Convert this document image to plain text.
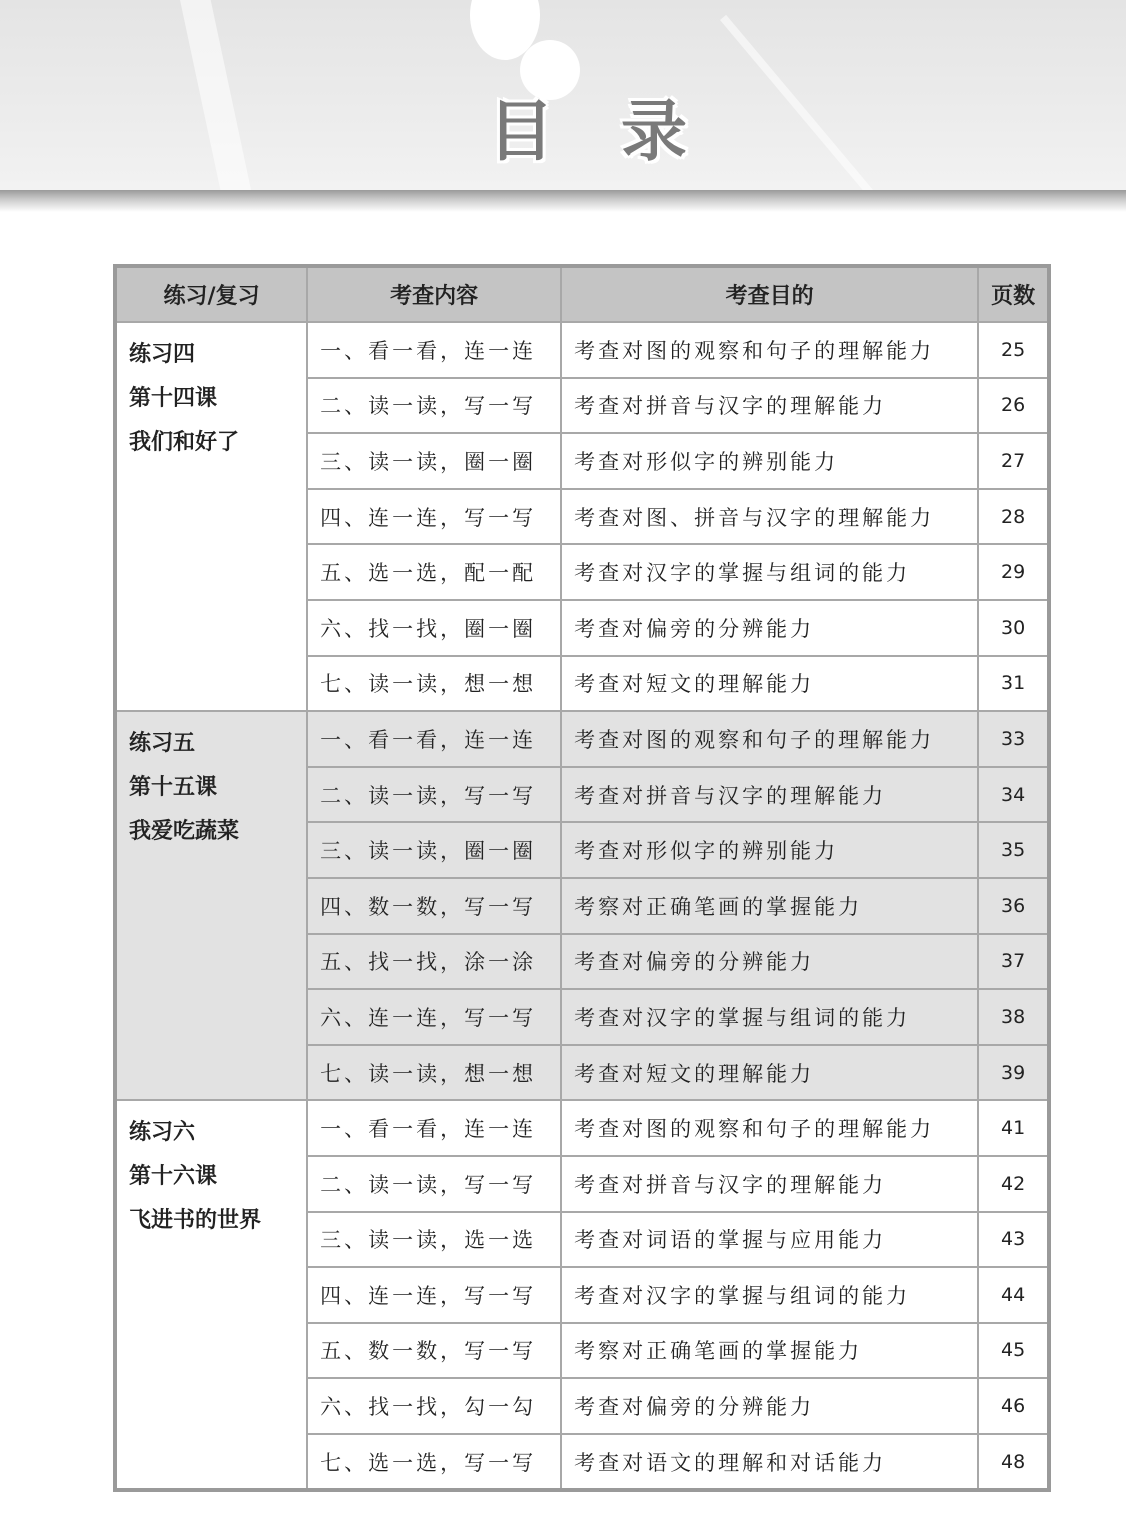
目 录
练习/复习	考查内容	考查目的	页数

练习四
第十四课
我们和好了	一、看一看，连一连	考查对图的观察和句子的理解能力	25
	二、读一读，写一写	考查对拼音与汉字的理解能力	26
	三、读一读，圈一圈	考查对形似字的辨别能力	27
	四、连一连，写一写	考查对图、拼音与汉字的理解能力	28
	五、选一选，配一配	考查对汉字的掌握与组词的能力	29
	六、找一找，圈一圈	考查对偏旁的分辨能力	30
	七、读一读，想一想	考查对短文的理解能力	31

练习五
第十五课
我爱吃蔬菜	一、看一看，连一连	考查对图的观察和句子的理解能力	33
	二、读一读，写一写	考查对拼音与汉字的理解能力	34
	三、读一读，圈一圈	考查对形似字的辨别能力	35
	四、数一数，写一写	考察对正确笔画的掌握能力	36
	五、找一找，涂一涂	考查对偏旁的分辨能力	37
	六、连一连，写一写	考查对汉字的掌握与组词的能力	38
	七、读一读，想一想	考查对短文的理解能力	39

练习六
第十六课
飞进书的世界	一、看一看，连一连	考查对图的观察和句子的理解能力	41
	二、读一读，写一写	考查对拼音与汉字的理解能力	42
	三、读一读，选一选	考查对词语的掌握与应用能力	43
	四、连一连，写一写	考查对汉字的掌握与组词的能力	44
	五、数一数，写一写	考察对正确笔画的掌握能力	45
	六、找一找，勾一勾	考查对偏旁的分辨能力	46
	七、选一选，写一写	考查对语文的理解和对话能力	48
